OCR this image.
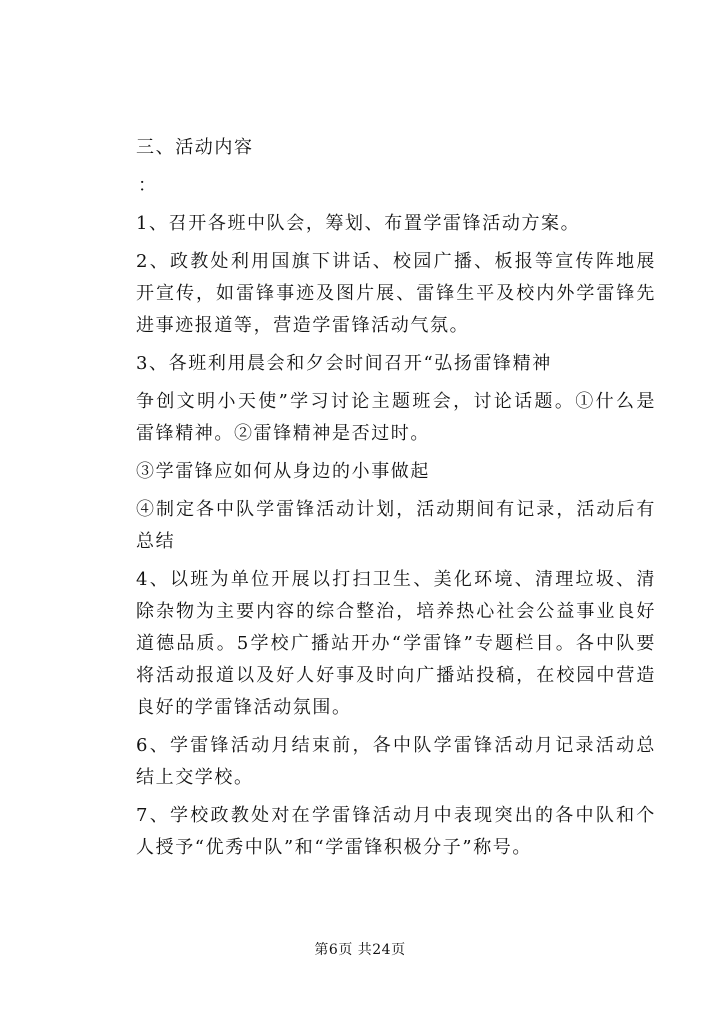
三、活动内容

：

1、召开各班中队会，筹划、布置学雷锋活动方案。

2、政教处利用国旗下讲话、校园广播、板报等宣传阵地展开宣传，如雷锋事迹及图片展、雷锋生平及校内外学雷锋先进事迹报道等，营造学雷锋活动气氛。

3、各班利用晨会和夕会时间召开“弘扬雷锋精神

争创文明小天使”学习讨论主题班会，讨论话题。①什么是雷锋精神。②雷锋精神是否过时。

③学雷锋应如何从身边的小事做起

④制定各中队学雷锋活动计划，活动期间有记录，活动后有总结

4、以班为单位开展以打扫卫生、美化环境、清理垃圾、清除杂物为主要内容的综合整治，培养热心社会公益事业良好道德品质。5学校广播站开办“学雷锋”专题栏目。各中队要将活动报道以及好人好事及时向广播站投稿，在校园中营造良好的学雷锋活动氛围。

6、学雷锋活动月结束前，各中队学雷锋活动月记录活动总结上交学校。

7、学校政教处对在学雷锋活动月中表现突出的各中队和个人授予“优秀中队”和“学雷锋积极分子”称号。

第6页 共24页
